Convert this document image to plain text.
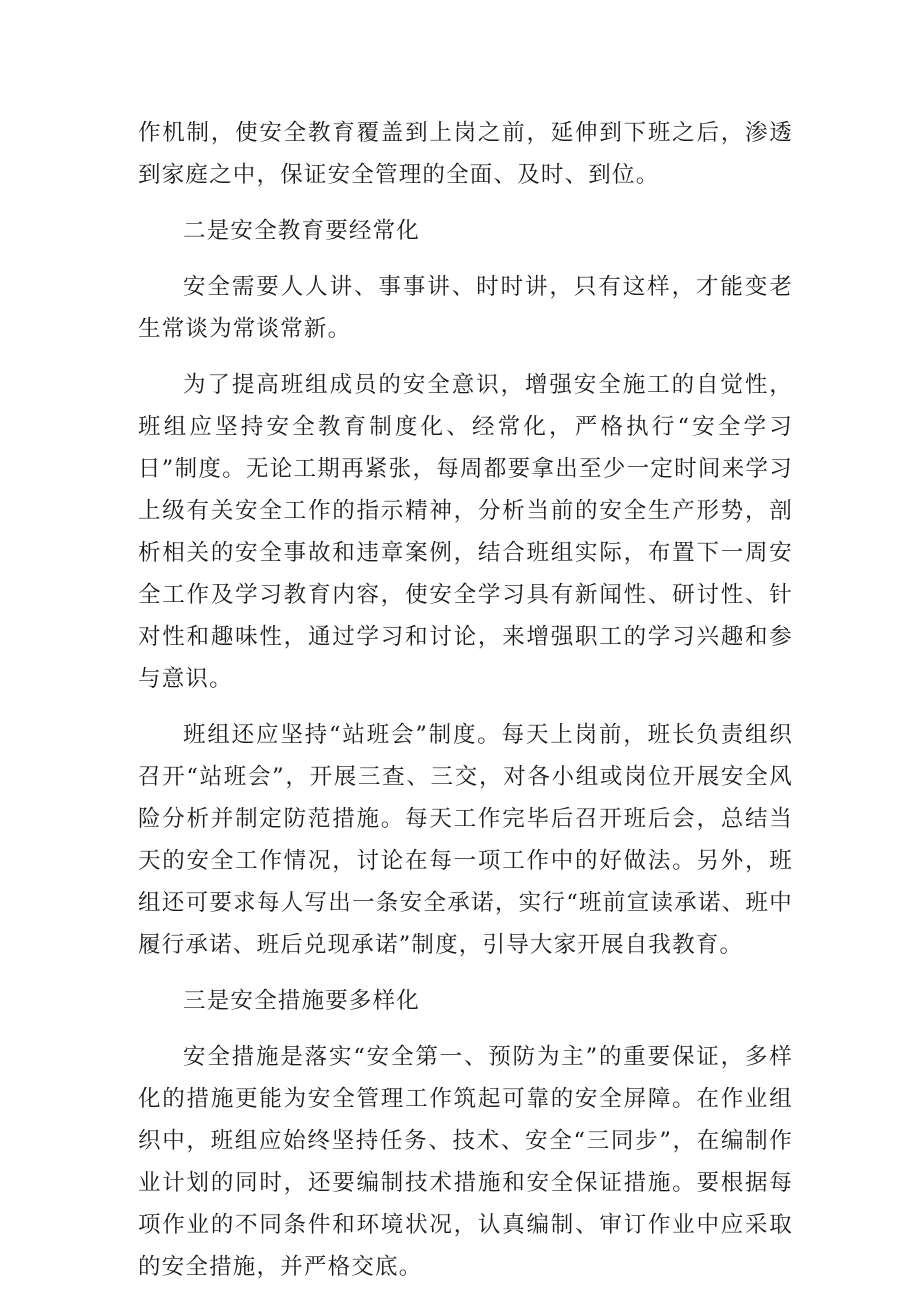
作机制，使安全教育覆盖到上岗之前，延伸到下班之后，渗透到家庭之中，保证安全管理的全面、及时、到位。

二是安全教育要经常化

安全需要人人讲、事事讲、时时讲，只有这样，才能变老生常谈为常谈常新。

为了提高班组成员的安全意识，增强安全施工的自觉性，班组应坚持安全教育制度化、经常化，严格执行“安全学习日”制度。无论工期再紧张，每周都要拿出至少一定时间来学习上级有关安全工作的指示精神，分析当前的安全生产形势，剖析相关的安全事故和违章案例，结合班组实际，布置下一周安全工作及学习教育内容，使安全学习具有新闻性、研讨性、针对性和趣味性，通过学习和讨论，来增强职工的学习兴趣和参与意识。

班组还应坚持“站班会”制度。每天上岗前，班长负责组织召开“站班会”，开展三查、三交，对各小组或岗位开展安全风险分析并制定防范措施。每天工作完毕后召开班后会，总结当天的安全工作情况，讨论在每一项工作中的好做法。另外，班组还可要求每人写出一条安全承诺，实行“班前宣读承诺、班中履行承诺、班后兑现承诺”制度，引导大家开展自我教育。

三是安全措施要多样化

安全措施是落实“安全第一、预防为主”的重要保证，多样化的措施更能为安全管理工作筑起可靠的安全屏障。在作业组织中，班组应始终坚持任务、技术、安全“三同步”，在编制作业计划的同时，还要编制技术措施和安全保证措施。要根据每项作业的不同条件和环境状况，认真编制、审订作业中应采取的安全措施，并严格交底。
